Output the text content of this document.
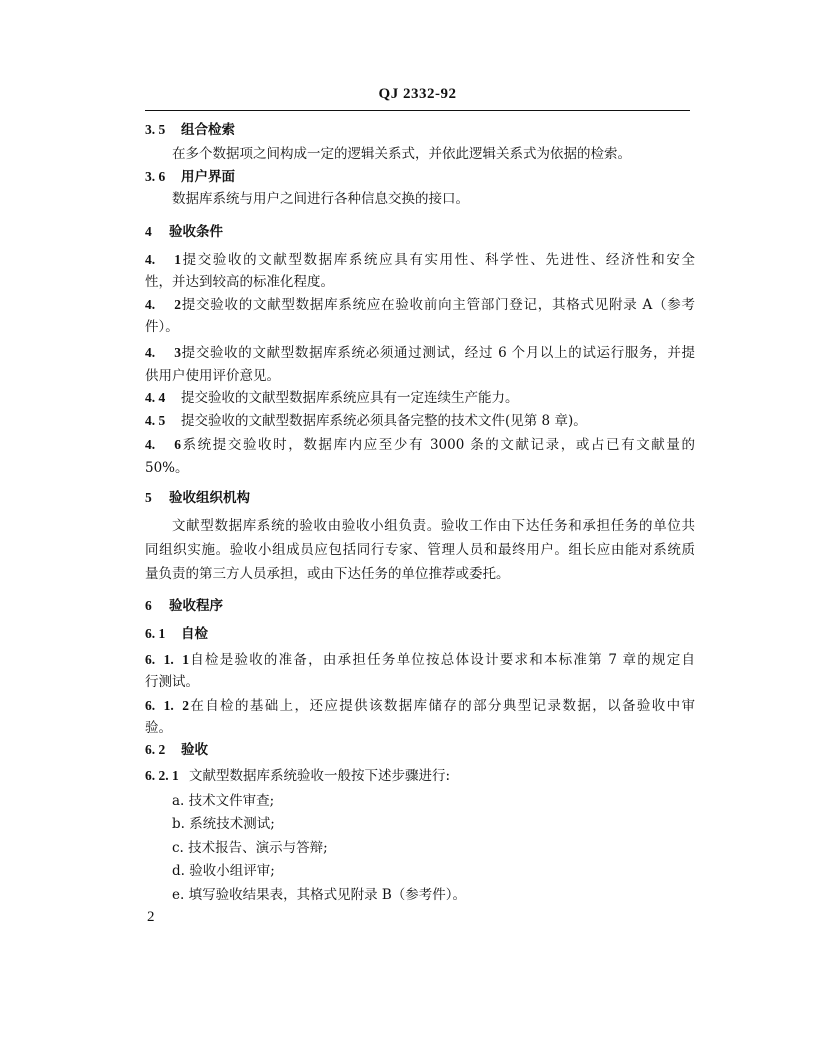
QJ 2332-92
3. 5 组合检索
在多个数据项之间构成一定的逻辑关系式，并依此逻辑关系式为依据的检索。
3. 6 用户界面
数据库系统与用户之间进行各种信息交换的接口。
4 验收条件
4. 1提交验收的文献型数据库系统应具有实用性、科学性、先进性、经济性和安全
性，并达到较高的标准化程度。
4. 2提交验收的文献型数据库系统应在验收前向主管部门登记，其格式见附录 A（参考
件）。
4. 3提交验收的文献型数据库系统必须通过测试，经过 6 个月以上的试运行服务，并提
供用户使用评价意见。
4. 4 提交验收的文献型数据库系统应具有一定连续生产能力。
4. 5 提交验收的文献型数据库系统必须具备完整的技术文件(见第 8 章)。
4. 6系统提交验收时，数据库内应至少有 3000 条的文献记录，或占已有文献量的
50%。
5 验收组织机构
文献型数据库系统的验收由验收小组负责。验收工作由下达任务和承担任务的单位共
同组织实施。验收小组成员应包括同行专家、管理人员和最终用户。组长应由能对系统质
量负责的第三方人员承担，或由下达任务的单位推荐或委托。
6 验收程序
6. 1 自检
6. 1. 1自检是验收的准备，由承担任务单位按总体设计要求和本标准第 7 章的规定自
行测试。
6. 1. 2在自检的基础上，还应提供该数据库储存的部分典型记录数据，以备验收中审
验。
6. 2 验收
6. 2. 1 文献型数据库系统验收一般按下述步骤进行:
a. 技术文件审查;
b. 系统技术测试;
c. 技术报告、演示与答辩;
d. 验收小组评审;
e. 填写验收结果表，其格式见附录 B（参考件）。
2
